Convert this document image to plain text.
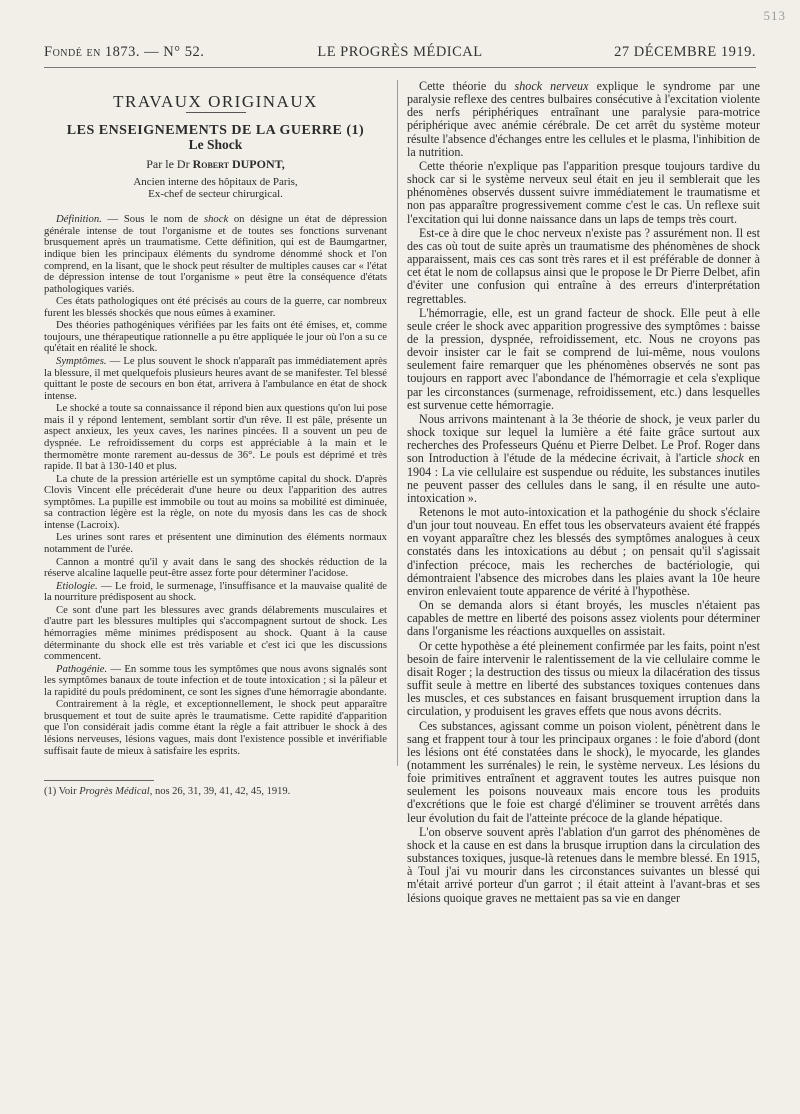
513
Fondé en 1873. — N° 52.	LE PROGRÈS MÉDICAL	27 DÉCEMBRE 1919.
TRAVAUX ORIGINAUX
LES ENSEIGNEMENTS DE LA GUERRE (1)
Le Shock
Par le Dr Robert DUPONT,
Ancien interne des hôpitaux de Paris,
Ex-chef de secteur chirurgical.

Définition. — Sous le nom de shock on désigne un état de dépression générale intense de tout l'organisme et de toutes ses fonctions survenant brusquement après un traumatisme. Cette définition, qui est de Baumgartner, indique bien les principaux éléments du syndrome dénommé shock et l'on comprend, en la lisant, que le shock peut résulter de multiples causes car « l'état de dépression intense de tout l'organisme » peut être la conséquence d'états pathologiques variés.

Ces états pathologiques ont été précisés au cours de la guerre, car nombreux furent les blessés shockés que nous eûmes à examiner.

Des théories pathogéniques vérifiées par les faits ont été émises, et, comme toujours, une thérapeutique rationnelle a pu être appliquée le jour où l'on a su ce qu'était en réalité le shock.

Symptômes. — Le plus souvent le shock n'apparaît pas immédiatement après la blessure, il met quelquefois plusieurs heures avant de se manifester. Tel blessé quittant le poste de secours en bon état, arrivera à l'ambulance en état de shock intense.

Le shocké a toute sa connaissance il répond bien aux questions qu'on lui pose mais il y répond lentement, semblant sortir d'un rêve. Il est pâle, présente un aspect anxieux, les yeux caves, les narines pincées. Il a souvent un peu de dyspnée. Le refroidissement du corps est appréciable à la main et le thermomètre monte rarement au-dessus de 36°. Le pouls est déprimé et très rapide. Il bat à 130-140 et plus.

La chute de la pression artérielle est un symptôme capital du shock. D'après Clovis Vincent elle précéderait d'une heure ou deux l'apparition des autres symptômes. La pupille est immobile ou tout au moins sa mobilité est diminuée, sa contraction légère est la règle, on note du myosis dans les cas de shock intense (Lacroix).

Les urines sont rares et présentent une diminution des éléments normaux notamment de l'urée.

Cannon a montré qu'il y avait dans le sang des shockés réduction de la réserve alcaline laquelle peut-être assez forte pour déterminer l'acidose.

Etiologie. — Le froid, le surmenage, l'insuffisance et la mauvaise qualité de la nourriture prédisposent au shock.

Ce sont d'une part les blessures avec grands délabrements musculaires et d'autre part les blessures multiples qui s'accompagnent surtout de shock. Les hémorragies même minimes prédisposent au shock. Quant à la cause déterminante du shock elle est très variable et c'est ici que les discussions commencent.

Pathogénie. — En somme tous les symptômes que nous avons signalés sont les symptômes banaux de toute infection et de toute intoxication ; si la pâleur et la rapidité du pouls prédominent, ce sont les signes d'une hémorragie abondante.

Contrairement à la règle, et exceptionnellement, le shock peut apparaître brusquement et tout de suite après le traumatisme. Cette rapidité d'apparition que l'on considérait jadis comme étant la règle a fait attribuer le shock à des lésions nerveuses, lésions vagues, mais dont l'existence possible et invérifiable suffisait faute de mieux à satisfaire les esprits.

Cette théorie du shock nerveux explique le syndrome par une paralysie reflexe des centres bulbaires consécutive à l'excitation violente des nerfs périphériques entraînant une paralysie para-motrice périphérique avec anémie cérébrale. De cet arrêt du système moteur résulte l'absence d'échanges entre les cellules et le plasma, l'inhibition de la nutrition.

Cette théorie n'explique pas l'apparition presque toujours tardive du shock car si le système nerveux seul était en jeu il semblerait que les phénomènes observés dussent suivre immédiatement le traumatisme et non pas apparaître progressivement comme c'est le cas. Un reflexe suit l'excitation qui lui donne naissance dans un laps de temps très court.

Est-ce à dire que le choc nerveux n'existe pas ? assurément non. Il est des cas où tout de suite après un traumatisme des phénomènes de shock apparaissent, mais ces cas sont très rares et il est préférable de donner à cet état le nom de collapsus ainsi que le propose le Dr Pierre Delbet, afin d'éviter une confusion qui entraîne à des erreurs d'interprétation regrettables.

L'hémorragie, elle, est un grand facteur de shock. Elle peut à elle seule créer le shock avec apparition progressive des symptômes : baisse de la pression, dyspnée, refroidissement, etc. Nous ne croyons pas devoir insister car le fait se comprend de lui-même, nous voulons seulement faire remarquer que les phénomènes observés ne sont pas toujours en rapport avec l'abondance de l'hémorragie et cela s'explique par les circonstances (surmenage, refroidissement, etc.) dans lesquelles est survenue cette hémorragie.

Nous arrivons maintenant à la 3e théorie de shock, je veux parler du shock toxique sur lequel la lumière a été faite grâce surtout aux recherches des Professeurs Quénu et Pierre Delbet. Le Prof. Roger dans son Introduction à l'étude de la médecine écrivait, à l'article shock en 1904 : La vie cellulaire est suspendue ou réduite, les substances inutiles ne peuvent passer des cellules dans le sang, il en résulte une auto-intoxication ».

Retenons le mot auto-intoxication et la pathogénie du shock s'éclaire d'un jour tout nouveau. En effet tous les observateurs avaient été frappés en voyant apparaître chez les blessés des symptômes analogues à ceux constatés dans les intoxications au début ; on pensait qu'il s'agissait d'infection précoce, mais les recherches de bactériologie, qui démontraient l'absence des microbes dans les plaies avant la 10e heure environ enlevaient toute apparence de vérité à l'hypothèse.

On se demanda alors si étant broyés, les muscles n'étaient pas capables de mettre en liberté des poisons assez violents pour déterminer dans l'organisme les réactions auxquelles on assistait.

Or cette hypothèse a été pleinement confirmée par les faits, point n'est besoin de faire intervenir le ralentissement de la vie cellulaire comme le disait Roger ; la destruction des tissus ou mieux la dilacération des tissus suffit seule à mettre en liberté des substances toxiques contenues dans les muscles, et ces substances en faisant brusquement irruption dans la circulation, y produisent les graves effets que nous avons décrits.

Ces substances, agissant comme un poison violent, pénètrent dans le sang et frappent tour à tour les principaux organes : le foie d'abord (dont les lésions ont été constatées dans le shock), le myocarde, les glandes (notamment les surrénales) le rein, le système nerveux. Les lésions du foie primitives entraînent et aggravent toutes les autres puisque non seulement les poisons nouveaux mais encore tous les produits d'excrétions que le foie est chargé d'éliminer se trouvent arrêtés dans leur évolution du fait de l'atteinte précoce de la glande hépatique.

L'on observe souvent après l'ablation d'un garrot des phénomènes de shock et la cause en est dans la brusque irruption dans la circulation des substances toxiques, jusque-là retenues dans le membre blessé. En 1915, à Toul j'ai vu mourir dans les circonstances suivantes un blessé qui m'était arrivé porteur d'un garrot ; il était atteint à l'avant-bras et ses lésions quoique graves ne mettaient pas sa vie en danger

(1) Voir Progrès Médical, nos 26, 31, 39, 41, 42, 45, 1919.
